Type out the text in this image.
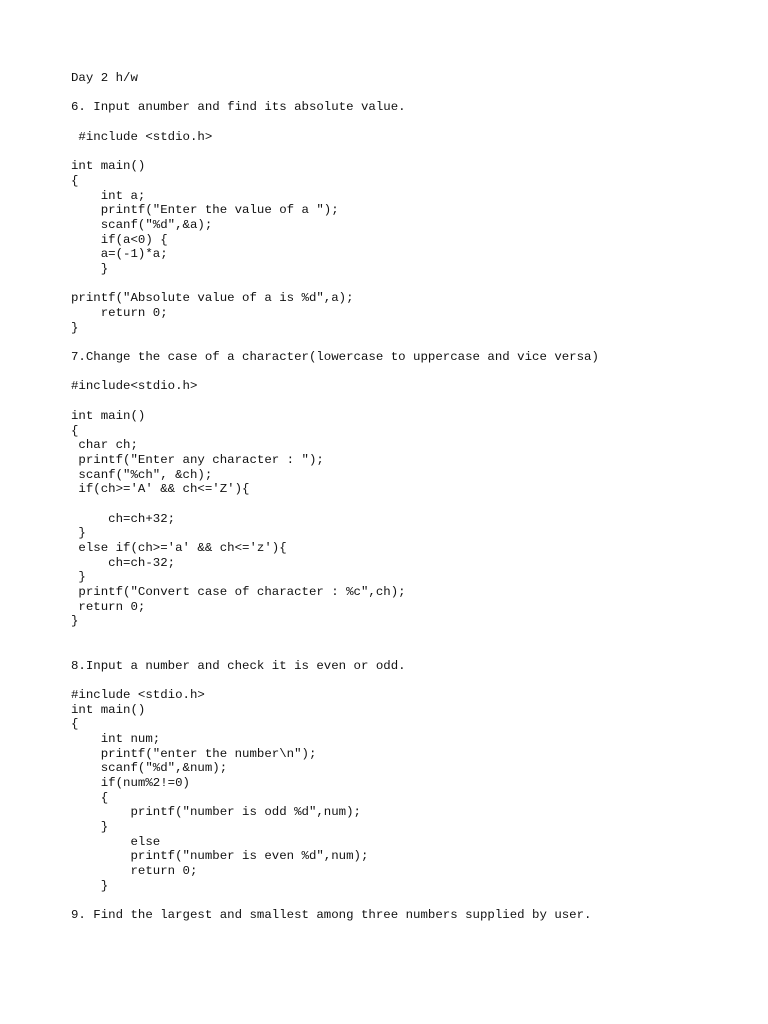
Day 2 h/w
6. Input anumber and find its absolute value.
#include <stdio.h>
int main()
{
int a;
printf("Enter the value of a ");
scanf("%d",&a);
if(a<0) {
a=(-1)*a;
}
printf("Absolute value of a is %d",a);
return 0;
}
7.Change the case of a character(lowercase to uppercase and vice versa)
#include<stdio.h>
int main()
{
char ch;
printf("Enter any character : ");
scanf("%ch", &ch);
if(ch>='A' && ch<='Z'){
ch=ch+32;
}
else if(ch>='a' && ch<='z'){
ch=ch-32;
}
printf("Convert case of character : %c",ch);
return 0;
}
8.Input a number and check it is even or odd.
#include <stdio.h>
int main()
{
int num;
printf("enter the number\n");
scanf("%d",&num);
if(num%2!=0)
{
printf("number is odd %d",num);
}
else
printf("number is even %d",num);
return 0;
}
9. Find the largest and smallest among three numbers supplied by user.
